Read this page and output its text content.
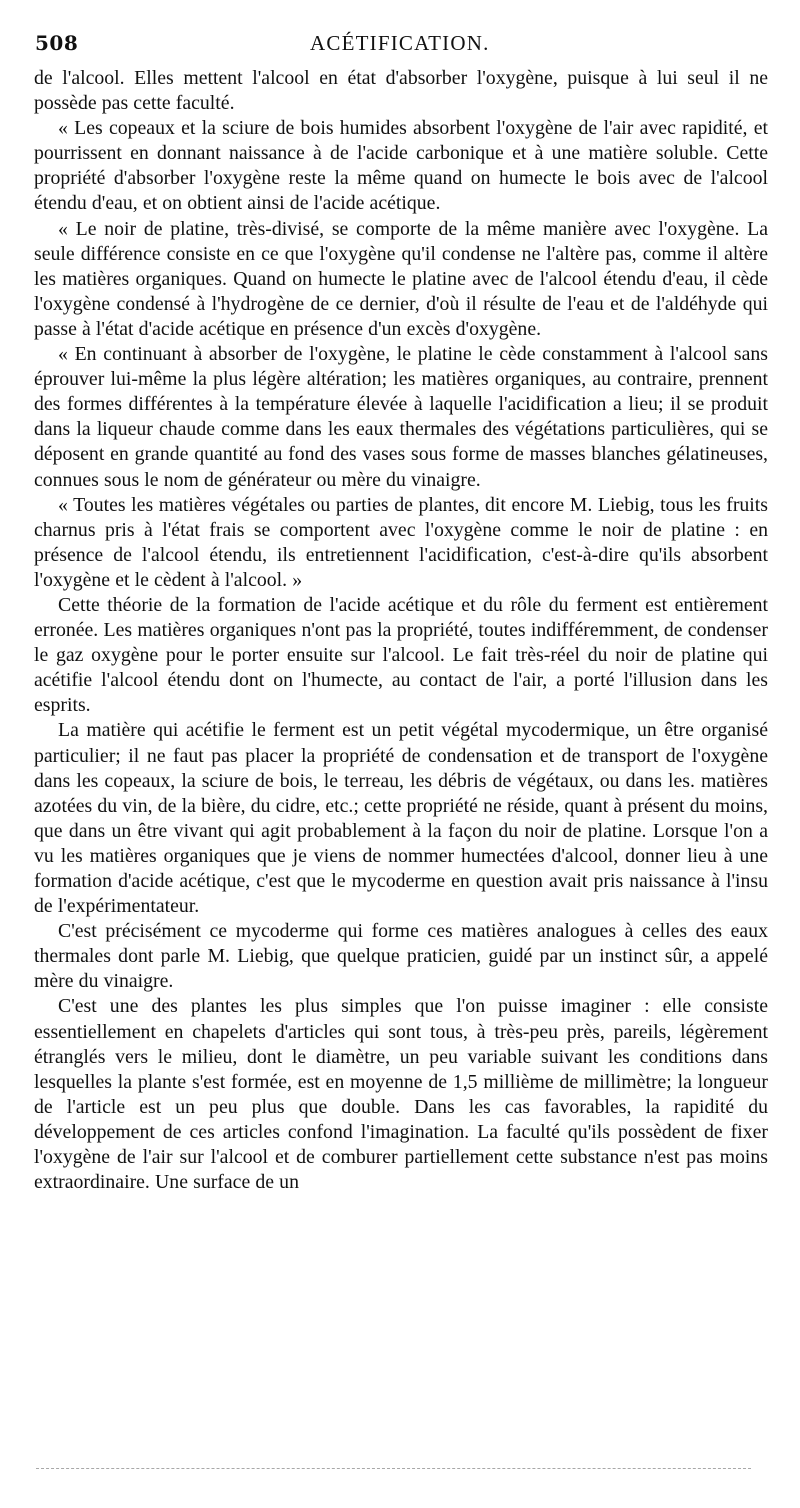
508	ACÉTIFICATION.

de l'alcool. Elles mettent l'alcool en état d'absorber l'oxygène, puisque à lui seul il ne possède pas cette faculté.

« Les copeaux et la sciure de bois humides absorbent l'oxygène de l'air avec rapidité, et pourrissent en donnant naissance à de l'acide carbonique et à une matière soluble. Cette propriété d'absorber l'oxygène reste la même quand on humecte le bois avec de l'alcool étendu d'eau, et on obtient ainsi de l'acide acétique.

« Le noir de platine, très-divisé, se comporte de la même manière avec l'oxygène. La seule différence consiste en ce que l'oxygène qu'il condense ne l'altère pas, comme il altère les matières organiques. Quand on humecte le platine avec de l'alcool étendu d'eau, il cède l'oxygène condensé à l'hydrogène de ce dernier, d'où il résulte de l'eau et de l'aldéhyde qui passe à l'état d'acide acétique en présence d'un excès d'oxygène.

« En continuant à absorber de l'oxygène, le platine le cède constamment à l'alcool sans éprouver lui-même la plus légère altération; les matières organiques, au contraire, prennent des formes différentes à la température élevée à laquelle l'acidification a lieu; il se produit dans la liqueur chaude comme dans les eaux thermales des végétations particulières, qui se déposent en grande quantité au fond des vases sous forme de masses blanches gélatineuses, connues sous le nom de générateur ou mère du vinaigre.

« Toutes les matières végétales ou parties de plantes, dit encore M. Liebig, tous les fruits charnus pris à l'état frais se comportent avec l'oxygène comme le noir de platine : en présence de l'alcool étendu, ils entretiennent l'acidification, c'est-à-dire qu'ils absorbent l'oxygène et le cèdent à l'alcool. »

Cette théorie de la formation de l'acide acétique et du rôle du ferment est entièrement erronée. Les matières organiques n'ont pas la propriété, toutes indifféremment, de condenser le gaz oxygène pour le porter ensuite sur l'alcool. Le fait très-réel du noir de platine qui acétifie l'alcool étendu dont on l'humecte, au contact de l'air, a porté l'illusion dans les esprits.

La matière qui acétifie le ferment est un petit végétal mycodermique, un être organisé particulier; il ne faut pas placer la propriété de condensation et de transport de l'oxygène dans les copeaux, la sciure de bois, le terreau, les débris de végétaux, ou dans les. matières azotées du vin, de la bière, du cidre, etc.; cette propriété ne réside, quant à présent du moins, que dans un être vivant qui agit probablement à la façon du noir de platine. Lorsque l'on a vu les matières organiques que je viens de nommer humectées d'alcool, donner lieu à une formation d'acide acétique, c'est que le mycoderme en question avait pris naissance à l'insu de l'expérimentateur.

C'est précisément ce mycoderme qui forme ces matières analogues à celles des eaux thermales dont parle M. Liebig, que quelque praticien, guidé par un instinct sûr, a appelé mère du vinaigre.

C'est une des plantes les plus simples que l'on puisse imaginer : elle consiste essentiellement en chapelets d'articles qui sont tous, à très-peu près, pareils, légèrement étranglés vers le milieu, dont le diamètre, un peu variable suivant les conditions dans lesquelles la plante s'est formée, est en moyenne de 1,5 millième de millimètre; la longueur de l'article est un peu plus que double. Dans les cas favorables, la rapidité du développement de ces articles confond l'imagination. La faculté qu'ils possèdent de fixer l'oxygène de l'air sur l'alcool et de comburer partiellement cette substance n'est pas moins extraordinaire. Une surface de un
